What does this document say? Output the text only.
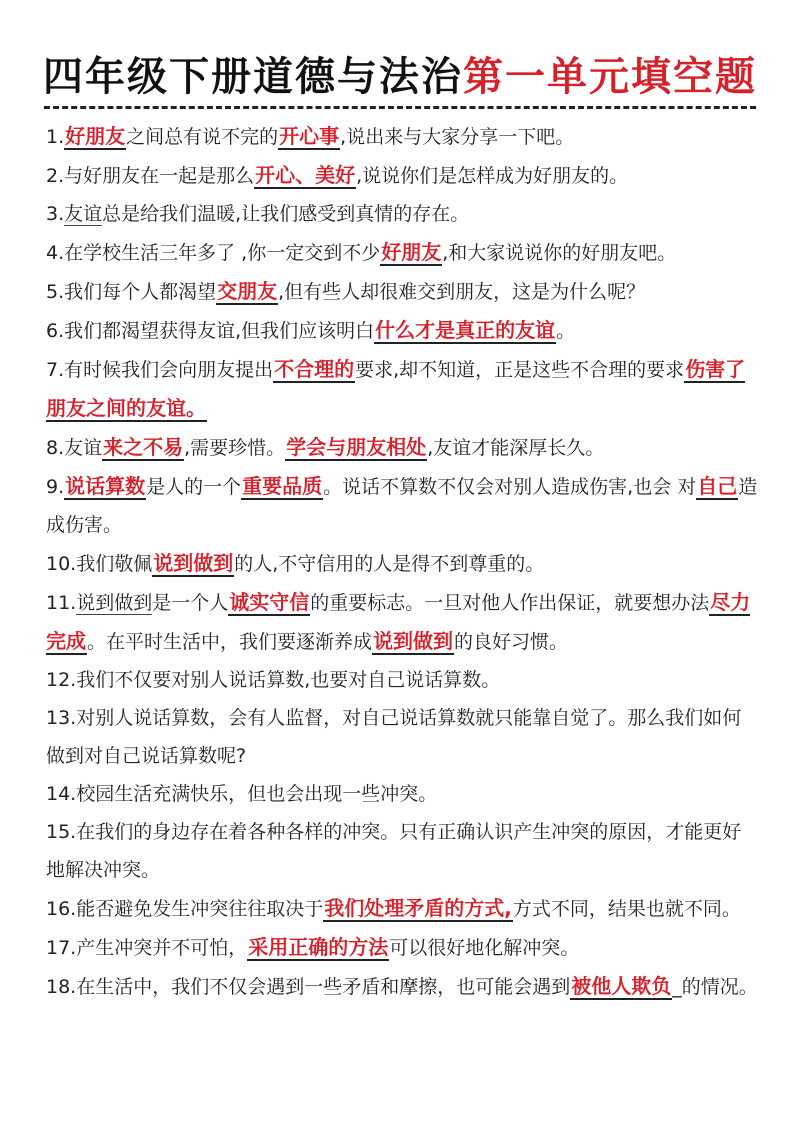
四年级下册道德与法治第一单元填空题
1.好朋友之间总有说不完的开心事,说出来与大家分享一下吧。
2.与好朋友在一起是那么开心、美好,说说你们是怎样成为好朋友的。
3.友谊总是给我们温暖,让我们感受到真情的存在。
4.在学校生活三年多了 ,你一定交到不少好朋友,和大家说说你的好朋友吧。
5.我们每个人都渴望交朋友,但有些人却很难交到朋友，这是为什么呢？
6.我们都渴望获得友谊,但我们应该明白什么才是真正的友谊。
7.有时候我们会向朋友提出不合理的要求,却不知道，正是这些不合理的要求伤害了朋友之间的友谊。
8.友谊来之不易,需要珍惜。学会与朋友相处,友谊才能深厚长久。
9.说话算数是人的一个重要品质。说话不算数不仅会对别人造成伤害,也会 对自己造成伤害。
10.我们敬佩说到做到的人,不守信用的人是得不到尊重的。
11.说到做到是一个人诚实守信的重要标志。一旦对他人作出保证，就要想办法尽力完成。在平时生活中，我们要逐渐养成说到做到的良好习惯。
12.我们不仅要对别人说话算数,也要对自己说话算数。
13.对别人说话算数，会有人监督，对自己说话算数就只能靠自觉了。那么我们如何做到对自己说话算数呢?
14.校园生活充满快乐，但也会出现一些冲突。
15.在我们的身边存在着各种各样的冲突。只有正确认识产生冲突的原因，才能更好地解决冲突。
16.能否避免发生冲突往往取决于我们处理矛盾的方式,方式不同，结果也就不同。
17.产生冲突并不可怕，采用正确的方法可以很好地化解冲突。
18.在生活中，我们不仅会遇到一些矛盾和摩擦，也可能会遇到被他人欺负_的情况。
